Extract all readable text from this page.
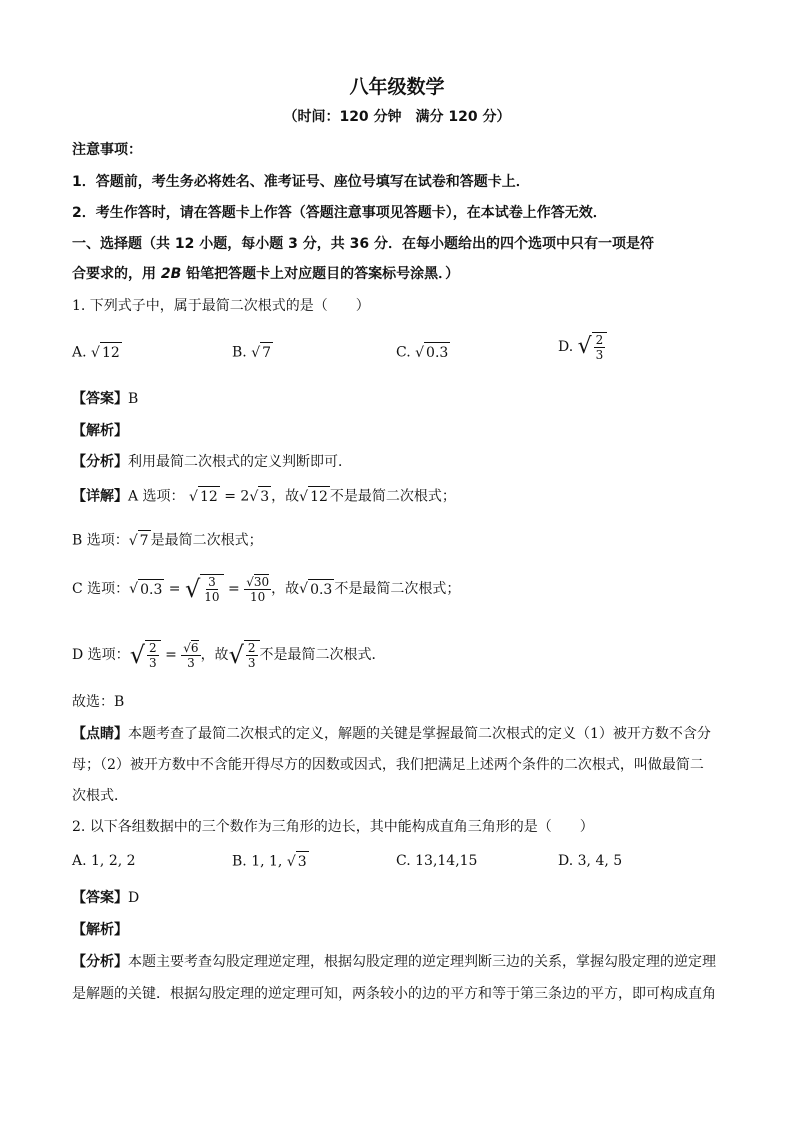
八年级数学
（时间：120 分钟　满分 120 分）
注意事项：
1．答题前，考生务必将姓名、准考证号、座位号填写在试卷和答题卡上．
2．考生作答时，请在答题卡上作答（答题注意事项见答题卡），在本试卷上作答无效．
一、选择题（共 12 小题，每小题 3 分，共 36 分．在每小题给出的四个选项中只有一项是符
合要求的，用 2B 铅笔把答题卡上对应题目的答案标号涂黑．）
1. 下列式子中，属于最简二次根式的是（　　）
A. √ 12	B. √ 7	C. √ 0.3	D. √ $\frac{2}{3}$
【答案】B
【解析】
【分析】利用最简二次根式的定义判断即可．
【详解】A 选项： √ 12 = 2√ 3 ，故√ 12 不是最简二次根式；
B 选项：√ 7 是最简二次根式；
C 选项：√ 0.3 = √ $\frac{3}{10} = \frac{√30}{10}$ ，故√ 0.3 不是最简二次根式；
D 选项：√ $\frac{2}{3} = \frac{√6}{3}$ ，故√ $\frac{2}{3}$ 不是最简二次根式．
故选：B
【点睛】本题考查了最简二次根式的定义，解题的关键是掌握最简二次根式的定义（1）被开方数不含分
母；（2）被开方数中不含能开得尽方的因数或因式，我们把满足上述两个条件的二次根式，叫做最简二
次根式．
2. 以下各组数据中的三个数作为三角形的边长，其中能构成直角三角形的是（　　）
A. 1, 2, 2	B. 1, 1, √ 3	C. 13,14,15	D. 3, 4, 5
【答案】D
【解析】
【分析】本题主要考查勾股定理逆定理，根据勾股定理的逆定理判断三边的关系，掌握勾股定理的逆定理
是解题的关键．根据勾股定理的逆定理可知，两条较小的边的平方和等于第三条边的平方，即可构成直角
